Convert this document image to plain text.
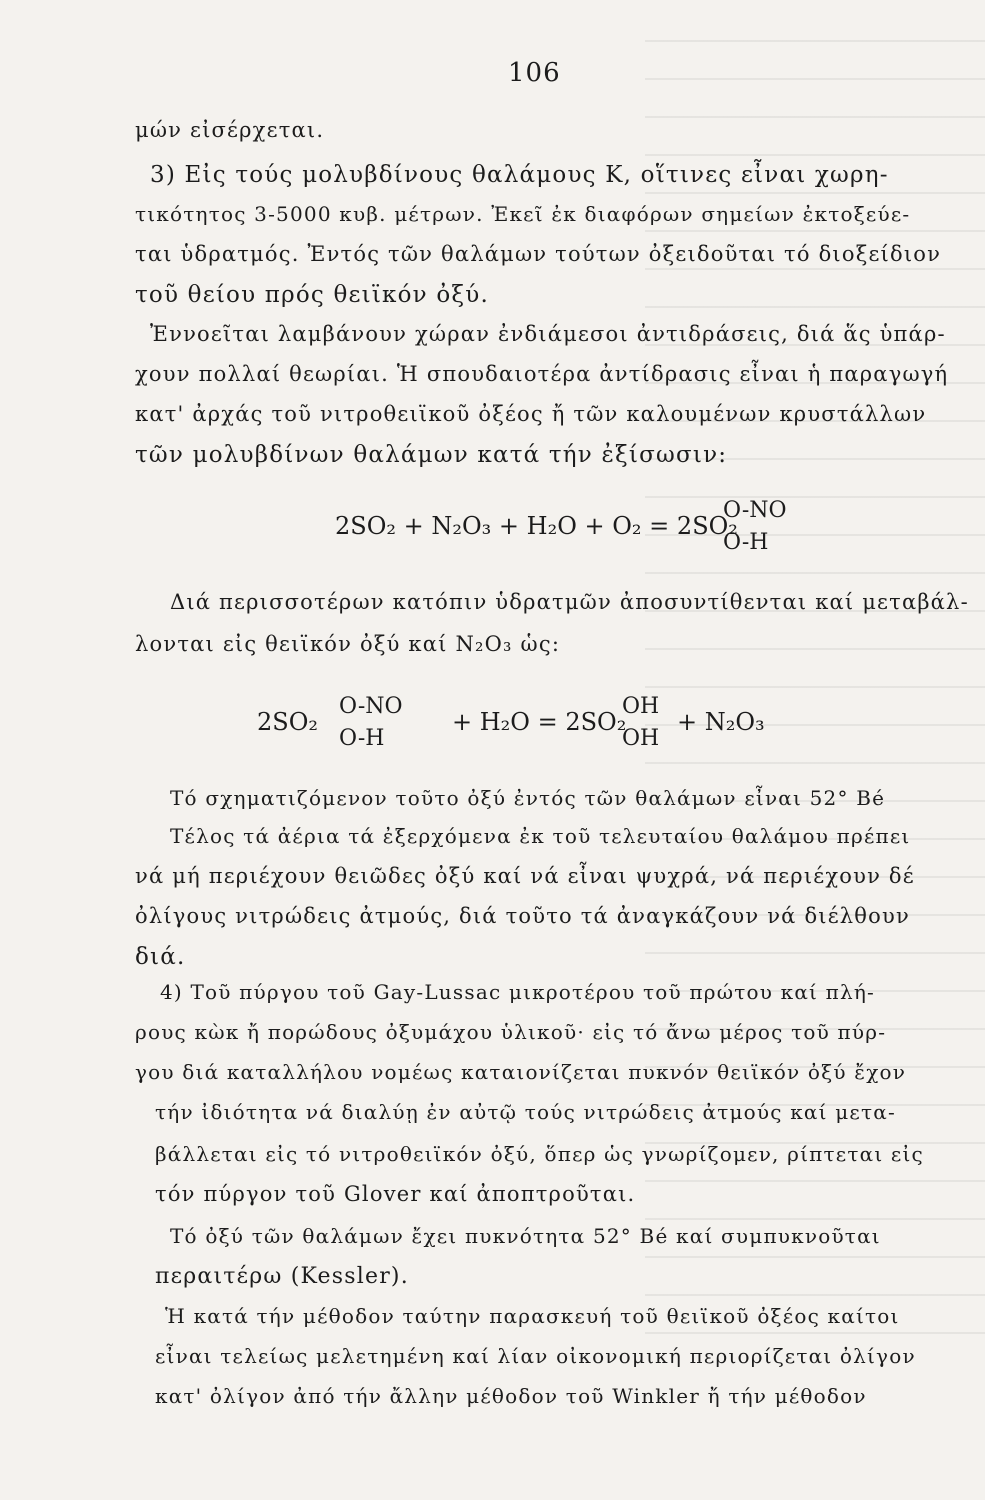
106
μών εἰσέρχεται.
3) Εἰς τούς μολυβδίνους θαλάμους Κ, οἵτινες εἶναι χωρη-
τικότητος 3-5000 κυβ. μέτρων. Ἐκεῖ ἐκ διαφόρων σημείων ἐκτοξεύε-
ται ὑδρατμός. Ἐντός τῶν θαλάμων τούτων ὀξειδοῦται τό διοξείδιον
τοῦ θείου πρός θειϊκόν ὀξύ.
Ἐννοεῖται λαμβάνουν χώραν ἐνδιάμεσοι ἀντιδράσεις, διά ἅς ὑπάρ-
χουν πολλαί θεωρίαι. Ἡ σπουδαιοτέρα ἀντίδρασις εἶναι ἡ παραγωγή
κατ' ἀρχάς τοῦ νιτροθειϊκοῦ ὀξέος ἤ τῶν καλουμένων κρυστάλλων
τῶν μολυβδίνων θαλάμων κατά τήν ἐξίσωσιν:
2SO₂ + N₂O₃ + H₂O + O₂ = 2SO₂
O-NO
O-H
Διά περισσοτέρων κατόπιν ὑδρατμῶν ἀποσυντίθενται καί μεταβάλ-
λονται εἰς θειϊκόν ὀξύ καί N₂O₃ ὡς:
2SO₂
O-NO
O-H
+ H₂O = 2SO₂
OH
OH
+ N₂O₃
Τό σχηματιζόμενον τοῦτο ὀξύ ἐντός τῶν θαλάμων εἶναι 52° Bé
Τέλος τά ἀέρια τά ἐξερχόμενα ἐκ τοῦ τελευταίου θαλάμου πρέπει
νά μή περιέχουν θειῶδες ὀξύ καί νά εἶναι ψυχρά, νά περιέχουν δέ
ὀλίγους νιτρώδεις ἀτμούς, διά τοῦτο τά ἀναγκάζουν νά διέλθουν
διά.
4) Τοῦ πύργου τοῦ Gay-Lussac μικροτέρου τοῦ πρώτου καί πλή-
ρους κὼκ ἤ πορώδους ὀξυμάχου ὑλικοῦ· εἰς τό ἄνω μέρος τοῦ πύρ-
γου διά καταλλήλου νομέως καταιονίζεται πυκνόν θειϊκόν ὀξύ ἔχον
τήν ἰδιότητα νά διαλύῃ ἐν αὐτῷ τούς νιτρώδεις ἀτμούς καί μετα-
βάλλεται εἰς τό νιτροθειϊκόν ὀξύ, ὅπερ ὡς γνωρίζομεν, ρίπτεται εἰς
τόν πύργον τοῦ Glover καί ἀποπτροῦται.
Τό ὀξύ τῶν θαλάμων ἔχει πυκνότητα 52° Bé καί συμπυκνοῦται
περαιτέρω (Kessler).
Ἡ κατά τήν μέθοδον ταύτην παρασκευή τοῦ θειϊκοῦ ὀξέος καίτοι
εἶναι τελείως μελετημένη καί λίαν οἰκονομική περιορίζεται ὀλίγον
κατ' ὀλίγον ἀπό τήν ἄλλην μέθοδον τοῦ Winkler ἤ τήν μέθοδον
